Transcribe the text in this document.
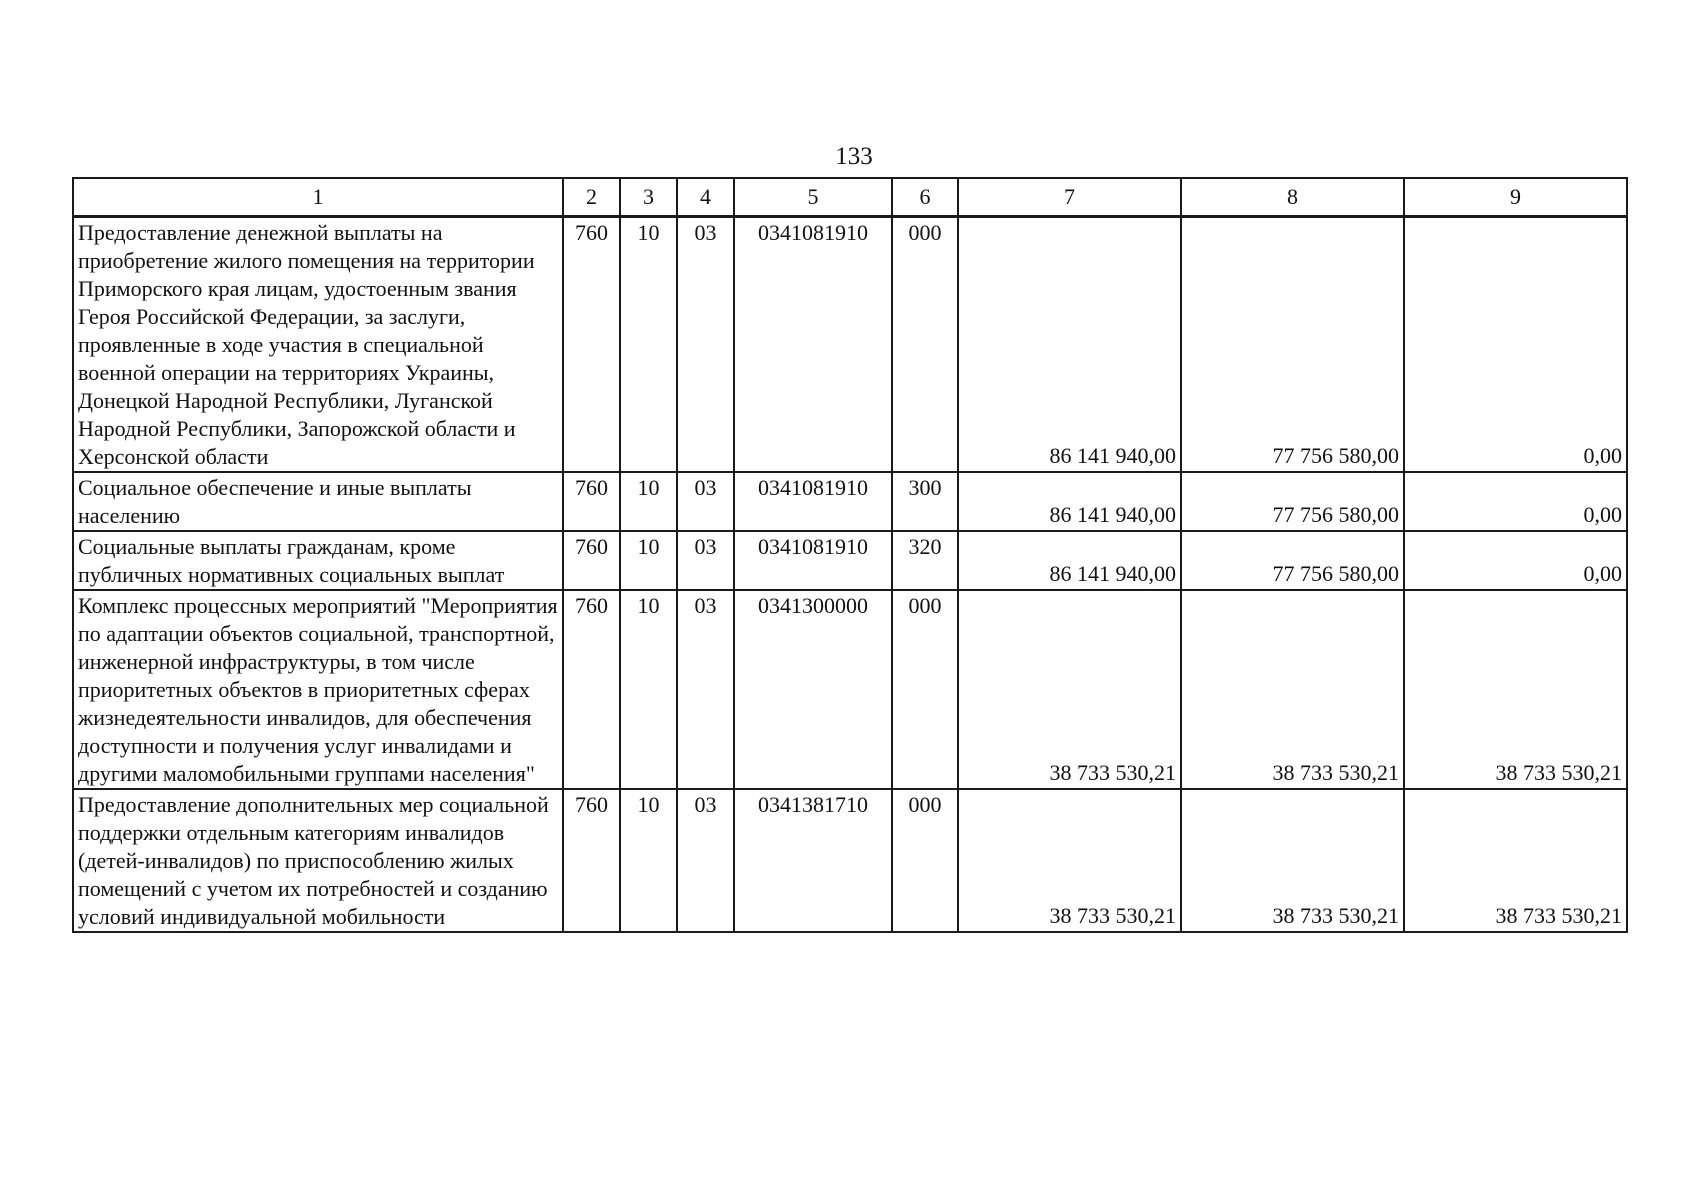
133
1	2	3	4	5	6	7	8	9
Предоставление денежной выплаты на приобретение жилого помещения на территории Приморского края лицам, удостоенным звания Героя Российской Федерации, за заслуги, проявленные в ходе участия в специальной военной операции на территориях Украины, Донецкой Народной Республики, Луганской Народной Республики, Запорожской области и Херсонской области	760	10	03	0341081910	000	86 141 940,00	77 756 580,00	0,00
Социальное обеспечение и иные выплаты населению	760	10	03	0341081910	300	86 141 940,00	77 756 580,00	0,00
Социальные выплаты гражданам, кроме публичных нормативных социальных выплат	760	10	03	0341081910	320	86 141 940,00	77 756 580,00	0,00
Комплекс процессных мероприятий "Мероприятия по адаптации объектов социальной, транспортной, инженерной инфраструктуры, в том числе приоритетных объектов в приоритетных сферах жизнедеятельности инвалидов, для обеспечения доступности и получения услуг инвалидами и другими маломобильными группами населения"	760	10	03	0341300000	000	38 733 530,21	38 733 530,21	38 733 530,21
Предоставление дополнительных мер социальной поддержки отдельным категориям инвалидов (детей-инвалидов) по приспособлению жилых помещений с учетом их потребностей и созданию условий индивидуальной мобильности	760	10	03	0341381710	000	38 733 530,21	38 733 530,21	38 733 530,21
